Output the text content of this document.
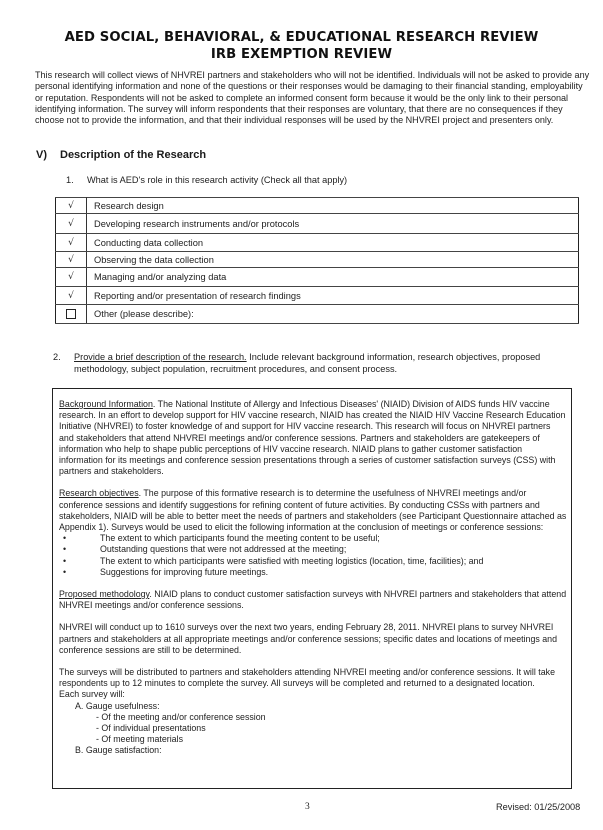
AED SOCIAL, BEHAVIORAL, & EDUCATIONAL RESEARCH REVIEW
IRB EXEMPTION REVIEW
This research will collect views of NHVREI partners and stakeholders who will not be identified. Individuals will not be asked to provide any personal identifying information and none of the questions or their responses would be damaging to their financial standing, employability or reputation. Respondents will not be asked to complete an informed consent form because it would be the only link to their personal identifying information. The survey will inform respondents that their responses are voluntary, that there are no consequences if they choose not to provide the information, and that their individual responses will be used by the NHVREI project and presenters only.
V) Description of the Research
1. What is AED's role in this research activity (Check all that apply)
√	Research design
√	Developing research instruments and/or protocols
√	Conducting data collection
√	Observing the data collection
√	Managing and/or analyzing data
√	Reporting and/or presentation of research findings
	Other (please describe):
2. Provide a brief description of the research. Include relevant background information, research objectives, proposed
methodology, subject population, recruitment procedures, and consent process.

Background Information. The National Institute of Allergy and Infectious Diseases' (NIAID) Division of AIDS funds HIV vaccine research. In an effort to develop support for HIV vaccine research, NIAID has created the NIAID HIV Vaccine Research Education Initiative (NHVREI) to foster knowledge of and support for HIV vaccine research. This research will focus on NHVREI partners and stakeholders that attend NHVREI meetings and/or conference sessions. Partners and stakeholders are gatekeepers of information who help to shape public perceptions of HIV vaccine research. NIAID plans to gather customer satisfaction information for its meetings and conference session presentations through a series of customer satisfaction surveys (CSS) with partners and stakeholders.

Research objectives. The purpose of this formative research is to determine the usefulness of NHVREI meetings and/or conference sessions and identify suggestions for refining content of future activities. By conducting CSSs with partners and stakeholders, NIAID will be able to better meet the needs of partners and stakeholders (see Participant Questionnaire attached as Appendix 1). Surveys would be used to elicit the following information at the conclusion of meetings or conference sessions:

•	The extent to which participants found the meeting content to be useful;
•	Outstanding questions that were not addressed at the meeting;
•	The extent to which participants were satisfied with meeting logistics (location, time, facilities); and
•	Suggestions for improving future meetings.

Proposed methodology. NIAID plans to conduct customer satisfaction surveys with NHVREI partners and stakeholders that attend NHVREI meetings and/or conference sessions.

NHVREI will conduct up to 1610 surveys over the next two years, ending February 28, 2011. NHVREI plans to survey NHVREI partners and stakeholders at all appropriate meetings and/or conference sessions; specific dates and locations of meetings and conference sessions are still to be determined.

The surveys will be distributed to partners and stakeholders attending NHVREI meeting and/or conference sessions. It will take respondents up to 12 minutes to complete the survey. All surveys will be completed and returned to a designated location.

Each survey will:
A. Gauge usefulness:
- Of the meeting and/or conference session
- Of individual presentations
- Of meeting materials
B. Gauge satisfaction:
3	Revised: 01/25/2008
